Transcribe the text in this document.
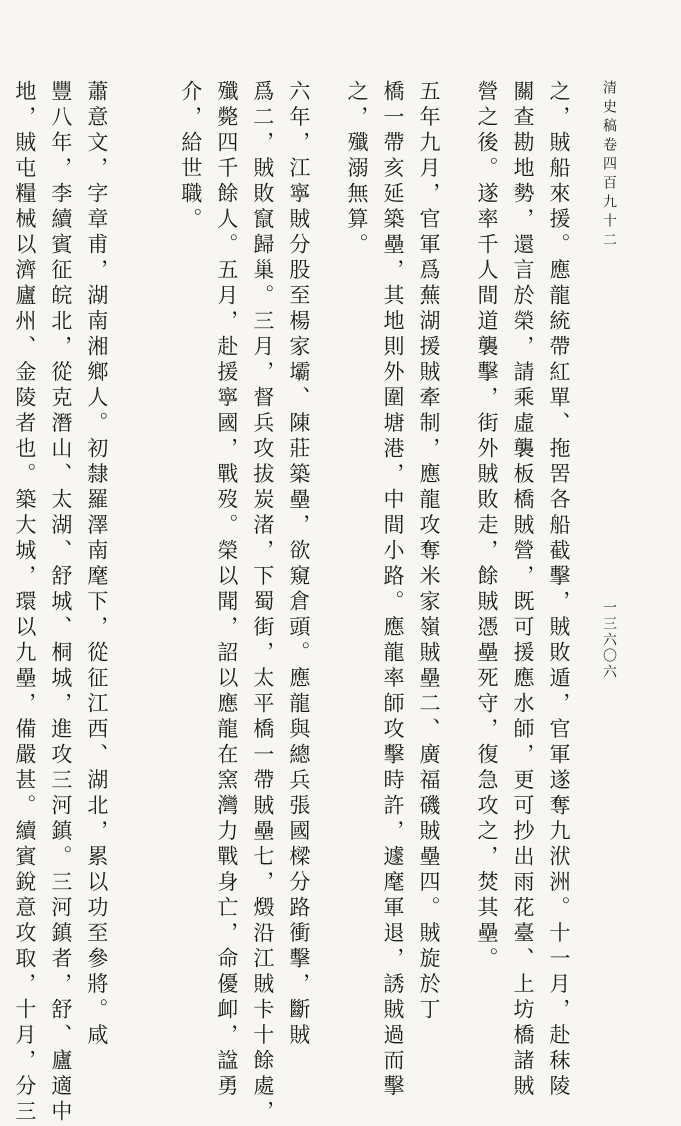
清史稿卷四百九十二
一三六〇六

之，賊船來援。應龍統帶紅單、拖罟各船截擊，賊敗遁，官軍遂奪九洑洲。十一月，赴秣陵

關查勘地勢，還言於榮，請乘虛襲板橋賊營，既可援應水師，更可抄出雨花臺、上坊橋諸賊

營之後。遂率千人間道襲擊，街外賊敗走，餘賊憑壘死守，復急攻之，焚其壘。

五年九月，官軍爲蕪湖援賊牽制，應龍攻奪米家嶺賊壘二、廣福磯賊壘四。賊旋於丁

橋一帶亥延築壘，其地則外圍塘港，中間小路。應龍率師攻擊時許，遽麾軍退，誘賊過而擊

之，殲溺無算。

六年，江寧賊分股至楊家壩、陳莊築壘，欲窺倉頭。應龍與總兵張國樑分路衝擊，斷賊

爲二，賊敗竄歸巢。三月，督兵攻拔炭渚，下蜀街，太平橋一帶賊壘七，燬沿江賊卡十餘處，

殲斃四千餘人。五月，赴援寧國，戰歿。榮以聞，詔以應龍在窯灣力戰身亡，命優卹，諡勇

介，給世職。

蕭意文，字章甫，湖南湘鄉人。初隸羅澤南麾下，從征江西、湖北，累以功至參將。咸

豐八年，李續賓征皖北，從克潛山、太湖、舒城、桐城，進攻三河鎮。三河鎮者，舒、廬適中

地，賊屯糧械以濟廬州、金陵者也。築大城，環以九壘，備嚴甚。續賓銳意攻取，十月，分三
